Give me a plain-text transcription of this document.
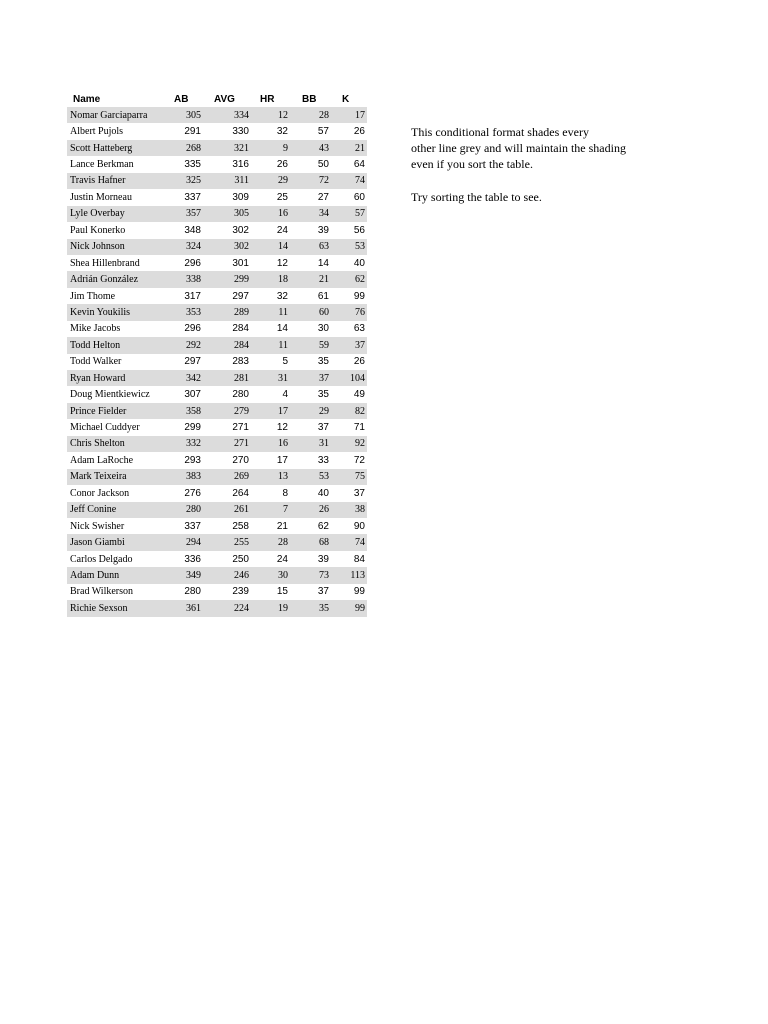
Name	AB	AVG	HR	BB	K
Nomar Garciaparra	305	334	12	28	17
Albert Pujols	291	330	32	57	26
Scott Hatteberg	268	321	9	43	21
Lance Berkman	335	316	26	50	64
Travis Hafner	325	311	29	72	74
Justin Morneau	337	309	25	27	60
Lyle Overbay	357	305	16	34	57
Paul Konerko	348	302	24	39	56
Nick Johnson	324	302	14	63	53
Shea Hillenbrand	296	301	12	14	40
Adrián González	338	299	18	21	62
Jim Thome	317	297	32	61	99
Kevin Youkilis	353	289	11	60	76
Mike Jacobs	296	284	14	30	63
Todd Helton	292	284	11	59	37
Todd Walker	297	283	5	35	26
Ryan Howard	342	281	31	37	104
Doug Mientkiewicz	307	280	4	35	49
Prince Fielder	358	279	17	29	82
Michael Cuddyer	299	271	12	37	71
Chris Shelton	332	271	16	31	92
Adam LaRoche	293	270	17	33	72
Mark Teixeira	383	269	13	53	75
Conor Jackson	276	264	8	40	37
Jeff Conine	280	261	7	26	38
Nick Swisher	337	258	21	62	90
Jason Giambi	294	255	28	68	74
Carlos Delgado	336	250	24	39	84
Adam Dunn	349	246	30	73	113
Brad Wilkerson	280	239	15	37	99
Richie Sexson	361	224	19	35	99

This conditional format shades every

other line grey and will maintain the shading

even if you sort the table.

Try sorting the table to see.
